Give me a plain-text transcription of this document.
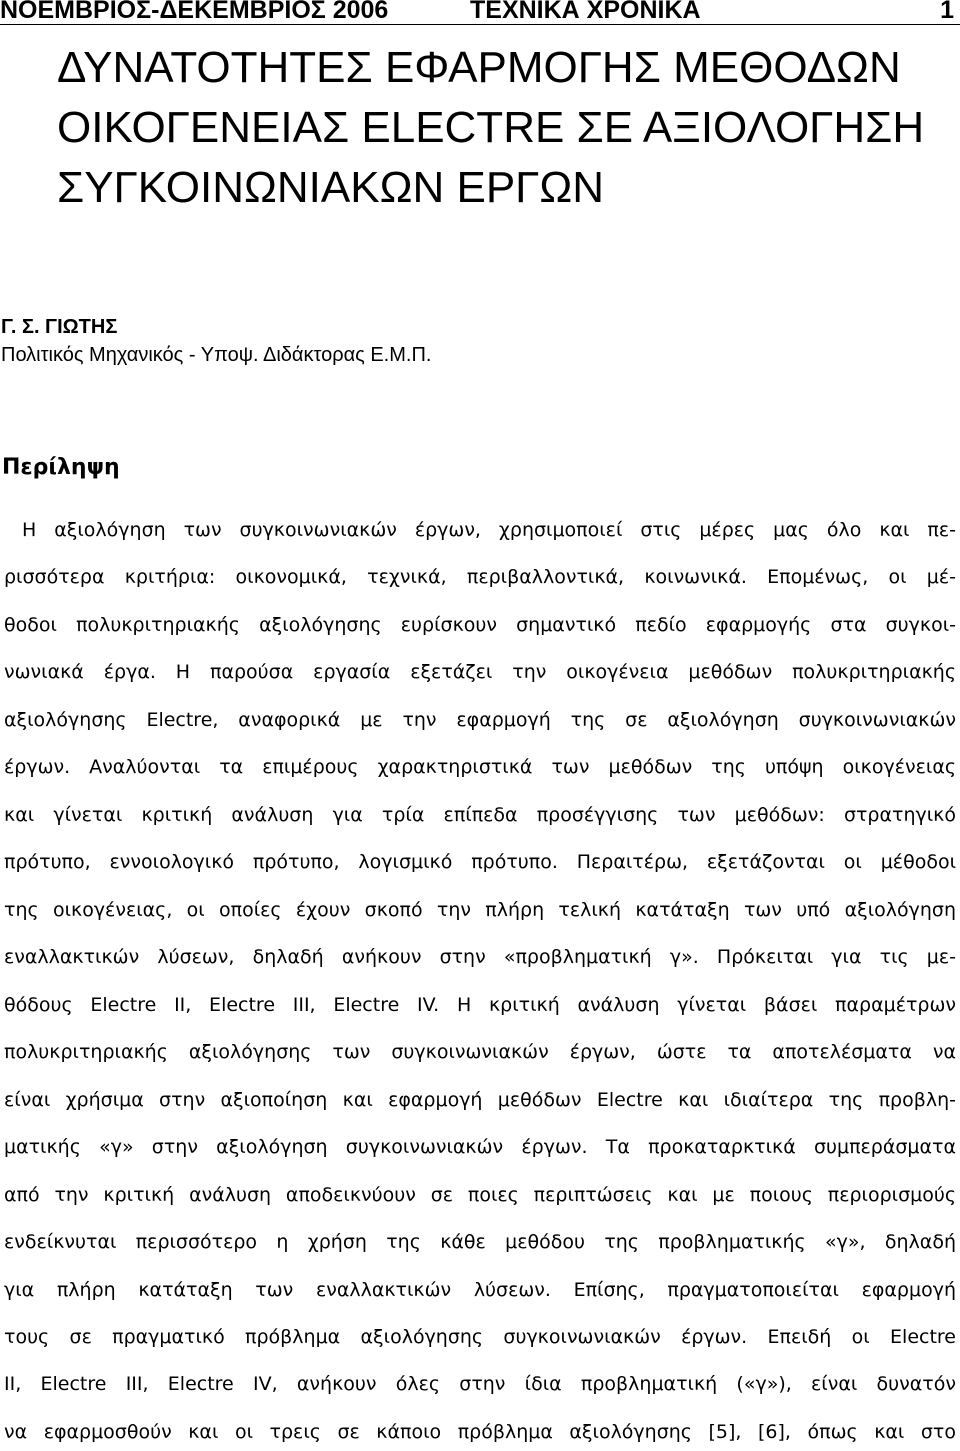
ΝΟΕΜΒΡΙΟΣ-ΔΕΚΕΜΒΡΙΟΣ 2006	ΤΕΧΝΙΚΑ ΧΡΟΝΙΚΑ	1
ΔΥΝΑΤΟΤΗΤΕΣ ΕΦΑΡΜΟΓΗΣ ΜΕΘΟΔΩΝ
ΟΙΚΟΓΕΝΕΙΑΣ ELECTRE ΣΕ ΑΞΙΟΛΟΓΗΣΗ
ΣΥΓΚΟΙΝΩΝΙΑΚΩΝ ΕΡΓΩΝ
Γ. Σ. ΓΙΩΤΗΣ
Πολιτικός Μηχανικός - Υποψ. Διδάκτορας Ε.Μ.Π.
Περίληψη
Η αξιολόγηση των συγκοινωνιακών έργων, χρησιμοποιεί στις μέρες μας όλο και πε-
ρισσότερα κριτήρια: οικονομικά, τεχνικά, περιβαλλοντικά, κοινωνικά. Επομένως, οι μέ-
θοδοι πολυκριτηριακής αξιολόγησης ευρίσκουν σημαντικό πεδίο εφαρμογής στα συγκοι-
νωνιακά έργα. Η παρούσα εργασία εξετάζει την οικογένεια μεθόδων πολυκριτηριακής
αξιολόγησης Electre, αναφορικά με την εφαρμογή της σε αξιολόγηση συγκοινωνιακών
έργων. Αναλύονται τα επιμέρους χαρακτηριστικά των μεθόδων της υπόψη οικογένειας
και γίνεται κριτική ανάλυση για τρία επίπεδα προσέγγισης των μεθόδων: στρατηγικό
πρότυπο, εννοιολογικό πρότυπο, λογισμικό πρότυπο. Περαιτέρω, εξετάζονται οι μέθοδοι
της οικογένειας, οι οποίες έχουν σκοπό την πλήρη τελική κατάταξη των υπό αξιολόγηση
εναλλακτικών λύσεων, δηλαδή ανήκουν στην «προβληματική γ». Πρόκειται για τις με-
θόδους Electre II, Electre III, Electre IV. Η κριτική ανάλυση γίνεται βάσει παραμέτρων
πολυκριτηριακής αξιολόγησης των συγκοινωνιακών έργων, ώστε τα αποτελέσματα να
είναι χρήσιμα στην αξιοποίηση και εφαρμογή μεθόδων Electre και ιδιαίτερα της προβλη-
ματικής «γ» στην αξιολόγηση συγκοινωνιακών έργων. Τα προκαταρκτικά συμπεράσματα
από την κριτική ανάλυση αποδεικνύουν σε ποιες περιπτώσεις και με ποιους περιορισμούς
ενδείκνυται περισσότερο η χρήση της κάθε μεθόδου της προβληματικής «γ», δηλαδή
για πλήρη κατάταξη των εναλλακτικών λύσεων. Επίσης, πραγματοποιείται εφαρμογή
τους σε πραγματικό πρόβλημα αξιολόγησης συγκοινωνιακών έργων. Επειδή οι Electre
II, Electre III, Electre IV, ανήκουν όλες στην ίδια προβληματική («γ»), είναι δυνατόν
να εφαρμοσθούν και οι τρεις σε κάποιο πρόβλημα αξιολόγησης [5], [6], όπως και στο
